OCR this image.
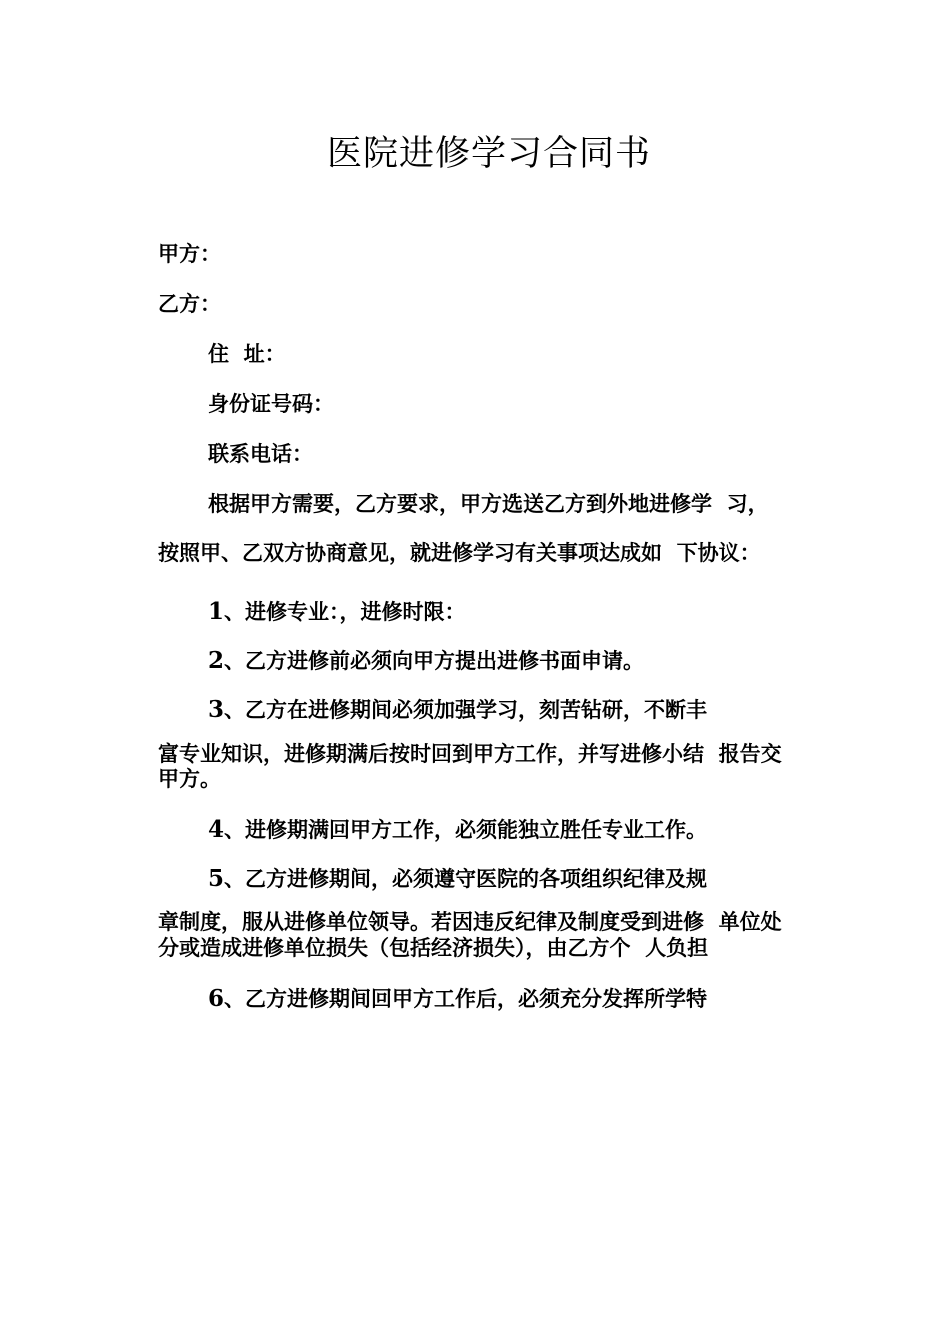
医院进修学习合同书
甲方：
乙方：
住  址：
身份证号码：
联系电话：
根据甲方需要，乙方要求，甲方选送乙方到外地进修学  习，
按照甲、乙双方协商意见，就进修学习有关事项达成如  下协议：
1、进修专业：，进修时限：
2、乙方进修前必须向甲方提出进修书面申请。
3、乙方在进修期间必须加强学习，刻苦钻研，不断丰
富专业知识，进修期满后按时回到甲方工作，并写进修小结  报告交
甲方。
4、进修期满回甲方工作，必须能独立胜任专业工作。
5、乙方进修期间，必须遵守医院的各项组织纪律及规
章制度，服从进修单位领导。若因违反纪律及制度受到进修  单位处
分或造成进修单位损失（包括经济损失），由乙方个  人负担
6、乙方进修期间回甲方工作后，必须充分发挥所学特
